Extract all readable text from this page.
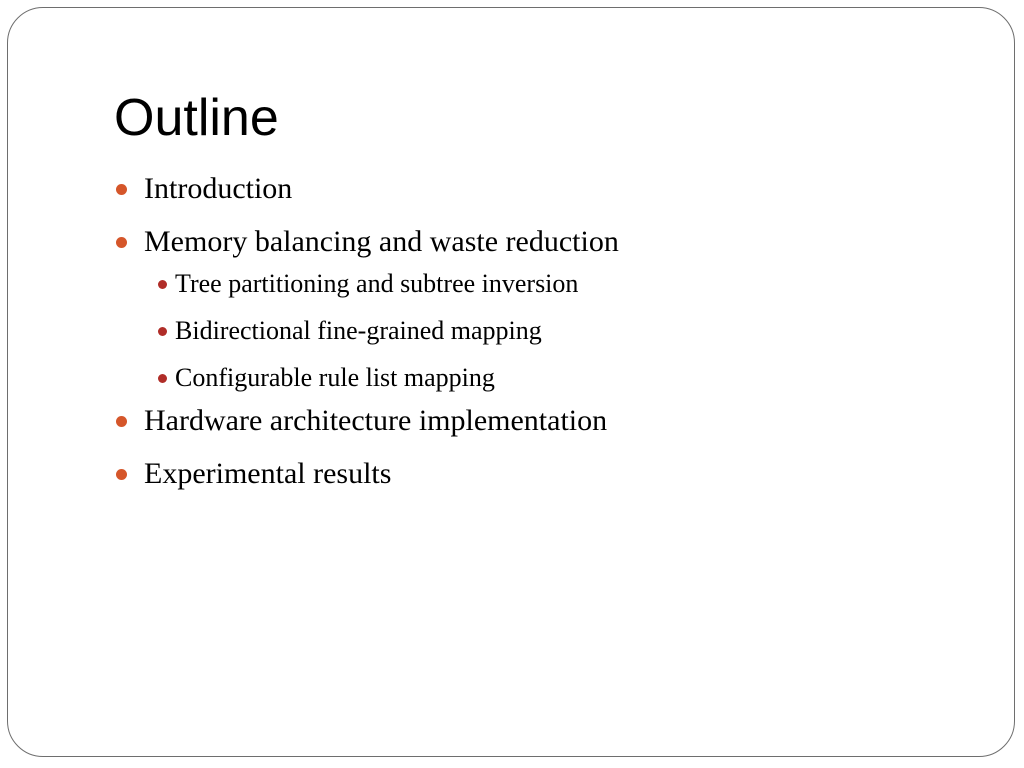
Outline
Introduction
Memory balancing and waste reduction
Tree partitioning and subtree inversion
Bidirectional fine-grained mapping
Configurable rule list mapping
Hardware architecture implementation
Experimental results
